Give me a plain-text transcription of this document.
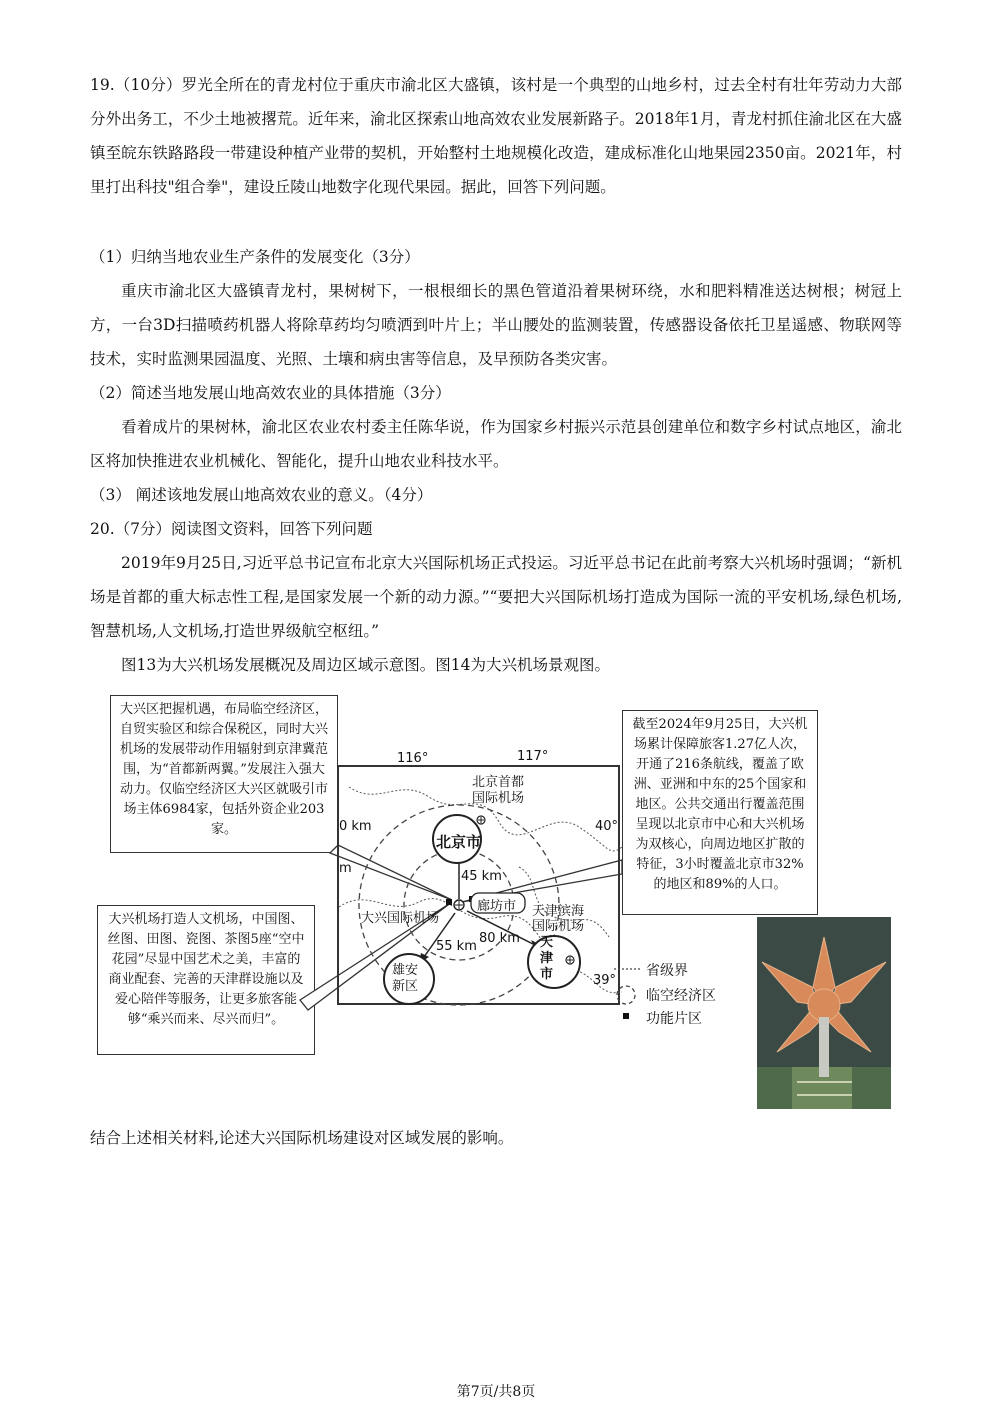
19.（10分）罗光全所在的青龙村位于重庆市渝北区大盛镇，该村是一个典型的山地乡村，过去全村有壮年劳动力大部分外出务工，不少土地被撂荒。近年来，渝北区探索山地高效农业发展新路子。2018年1月，青龙村抓住渝北区在大盛镇至皖东铁路路段一带建设种植产业带的契机，开始整村土地规模化改造，建成标准化山地果园2350亩。2021年，村里打出科技"组合拳"，建设丘陵山地数字化现代果园。据此，回答下列问题。

（1）归纳当地农业生产条件的发展变化（3分）

重庆市渝北区大盛镇青龙村，果树树下，一根根细长的黑色管道沿着果树环绕，水和肥料精准送达树根；树冠上方，一台3D扫描喷药机器人将除草药均匀喷洒到叶片上；半山腰处的监测装置，传感器设备依托卫星遥感、物联网等技术，实时监测果园温度、光照、土壤和病虫害等信息，及早预防各类灾害。

（2）简述当地发展山地高效农业的具体措施（3分）

看着成片的果树林，渝北区农业农村委主任陈华说，作为国家乡村振兴示范县创建单位和数字乡村试点地区，渝北区将加快推进农业机械化、智能化，提升山地农业科技水平。

（3） 阐述该地发展山地高效农业的意义。（4分）
20.（7分）阅读图文资料，回答下列问题

2019年9月25日,习近平总书记宣布北京大兴国际机场正式投运。习近平总书记在此前考察大兴机场时强调；“新机场是首都的重大标志性工程,是国家发展一个新的动力源。”“要把大兴国际机场打造成为国际一流的平安机场,绿色机场,智慧机场,人文机场,打造世界级航空枢纽。”

图13为大兴机场发展概况及周边区域示意图。图14为大兴机场景观图。
大兴区把握机遇，布局临空经济区，自贸实验区和综合保税区，同时大兴机场的发展带动作用辐射到京津冀范围，为“首都新两翼。”发展注入强大动力。仅临空经济区大兴区就吸引市场主体6984家，包括外资企业203家。
大兴机场打造人文机场，中国图、丝图、田图、瓷图、茶图5座“空中花园”尽显中国艺术之美，丰富的商业配套、完善的天津群设施以及爱心陪伴等服务，让更多旅客能够“乘兴而来、尽兴而归”。
截至2024年9月25日，大兴机场累计保障旅客1.27亿人次，开通了216条航线，覆盖了欧洲、亚洲和中东的25个国家和地区。公共交通出行覆盖范围呈现以北京市中心和大兴机场为双核心，向周边地区扩散的特征，3小时覆盖北京市32%的地区和89%的人口。
116°
北京首都
国际机场
北京市
40°
0 km
m
45 km
廊坊市
大兴国际机场	天津滨海
国际机场
55 km
80 km 天
津
市
雄安
新区
117°
39°
省级界
临空经济区
功能片区
结合上述相关材料,论述大兴国际机场建设对区域发展的影响。
第7页/共8页
